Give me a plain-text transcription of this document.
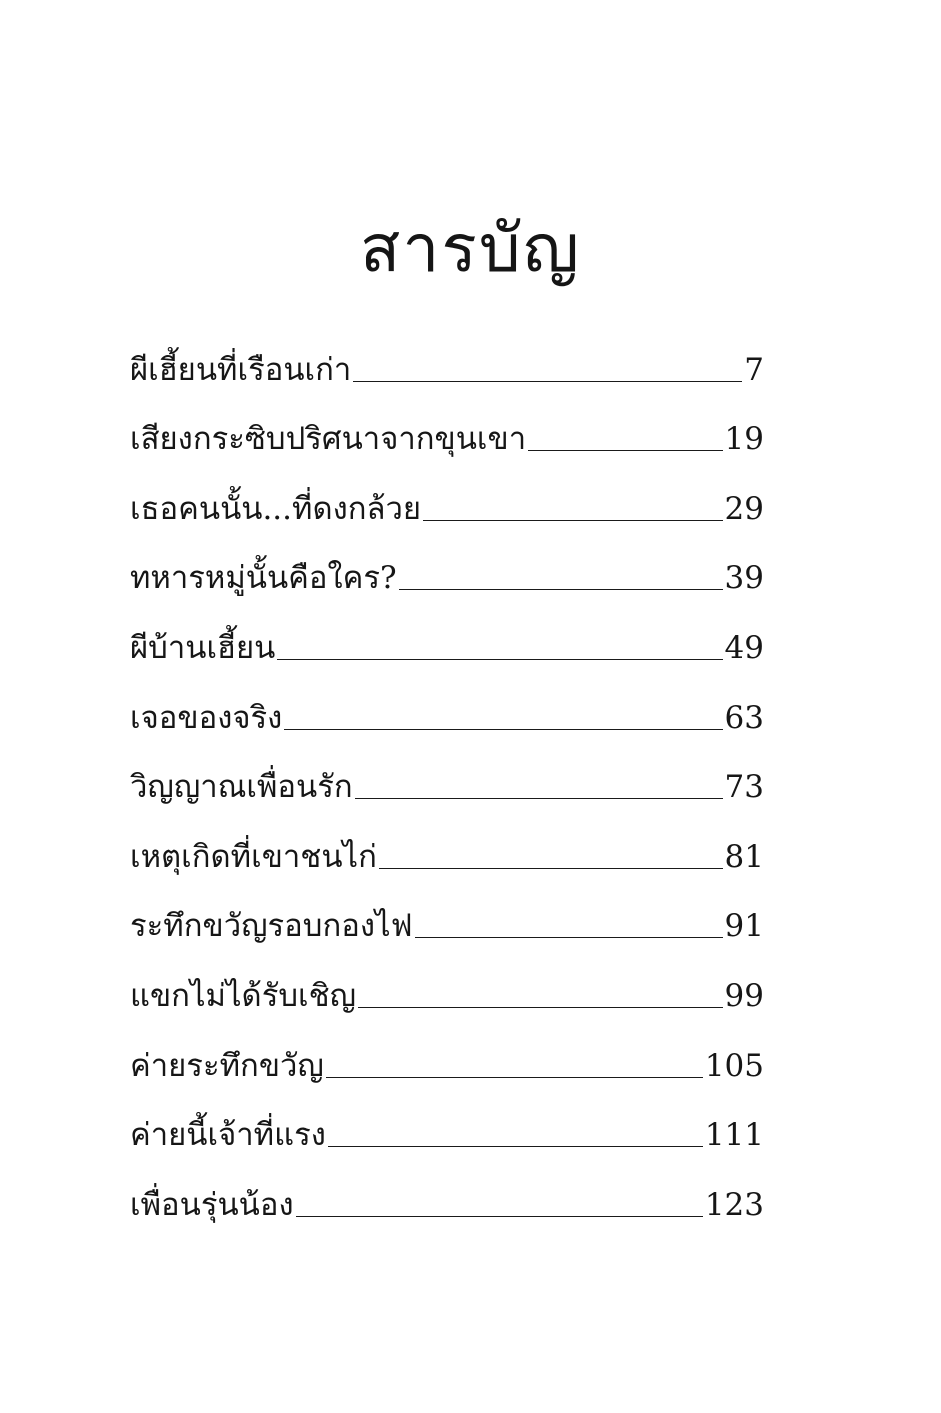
สารบัญ
ผีเฮี้ยนที่เรือนเก่า	7
เสียงกระซิบปริศนาจากขุนเขา	19
เธอคนนั้น...ที่ดงกล้วย	29
ทหารหมู่นั้นคือใคร?	39
ผีบ้านเฮี้ยน	49
เจอของจริง	63
วิญญาณเพื่อนรัก	73
เหตุเกิดที่เขาชนไก่	81
ระทึกขวัญรอบกองไฟ	91
แขกไม่ได้รับเชิญ	99
ค่ายระทึกขวัญ	105
ค่ายนี้เจ้าที่แรง	111
เพื่อนรุ่นน้อง	123
